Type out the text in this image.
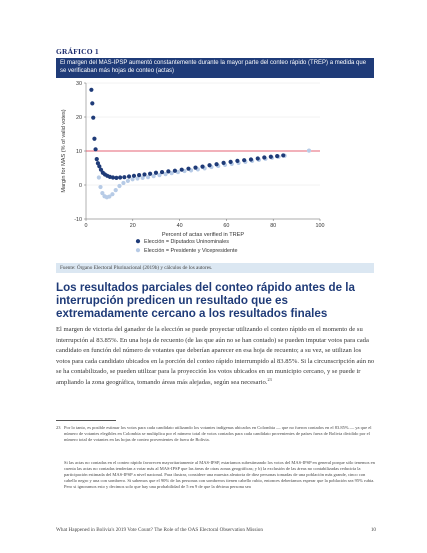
GRÁFICO 1
El margen del MAS-IPSP aumentó constantemente durante la mayor parte del conteo rápido (TREP) a medida que se verificaban más hojas de conteo (actas)
-10
0
10
20
30
0	20	40	60	80	100
Margin for MAS (% of valid votes)
Percent of actas verified in TREP
Elección = Diputados Uninominales
Elección = Presidente y Vicepresidente
Fuente: Órgano Electoral Plurinacional (2019b) y cálculos de los autores.
Los resultados parciales del conteo rápido antes de la interrupción predicen un resultado que es extremadamente cercano a los resultados finales
El margen de victoria del ganador de la elección se puede proyectar utilizando el conteo rápido en el momento de su interrupción al 83.85%. En una hoja de recuento (de las que aún no se han contado) se pueden imputar votos para cada candidato en función del número de votantes que deberían aparecer en esa hoja de recuento; a su vez, se utilizan los votos para cada candidato ubicados en la porción del conteo rápido interrumpido al 83.85%. Si la circunscripción aún no se ha contabilizado, se pueden utilizar para la proyección los votos ubicados en un municipio cercano, y se puede ir ampliando la zona geográfica, tomando áreas más alejadas, según sea necesario.$^{23}$
23 Por lo tanto, es posible estimar los votos para cada candidato utilizando los votantes indígenas ubicados en Colombia — que no fueron contados en el 83.85% — ya que el número de votantes elegibles en Colombia se multiplica por el número total de votos contados para cada candidato provenientes de países fuera de Bolivia dividido por el número total de votantes en las hojas de conteo provenientes de fuera de Bolivia.
Si las actas no contadas en el conteo rápido favorecen mayoritariamente al MAS-IPSP, estaríamos subestimando los votos del MAS-IPSP en general porque sólo tenemos en cuenta las actas no contadas tenderían a votar más al MAS-IPSP que las áreas de otras zonas geográficas; y b) la exclusión de las áreas no contabilizadas reduciría la participación estimada del MAS-IPSP a nivel nacional. Para ilustrar, considere una muestra aleatoria de diez personas tomadas de una población más grande, cinco con cabello negro y una con sombrero. Si sabemos que el 90% de las personas con sombreros tienen cabello rubio, entonces deberíamos esperar que la población sea 95% rubia. Pero si ignoramos esto y decimos solo que hay una probabilidad de 5 en 9 de que la décima persona sea
What Happened in Bolivia's 2019 Vote Count? The Role of the OAS Electoral Observation Mission	10
